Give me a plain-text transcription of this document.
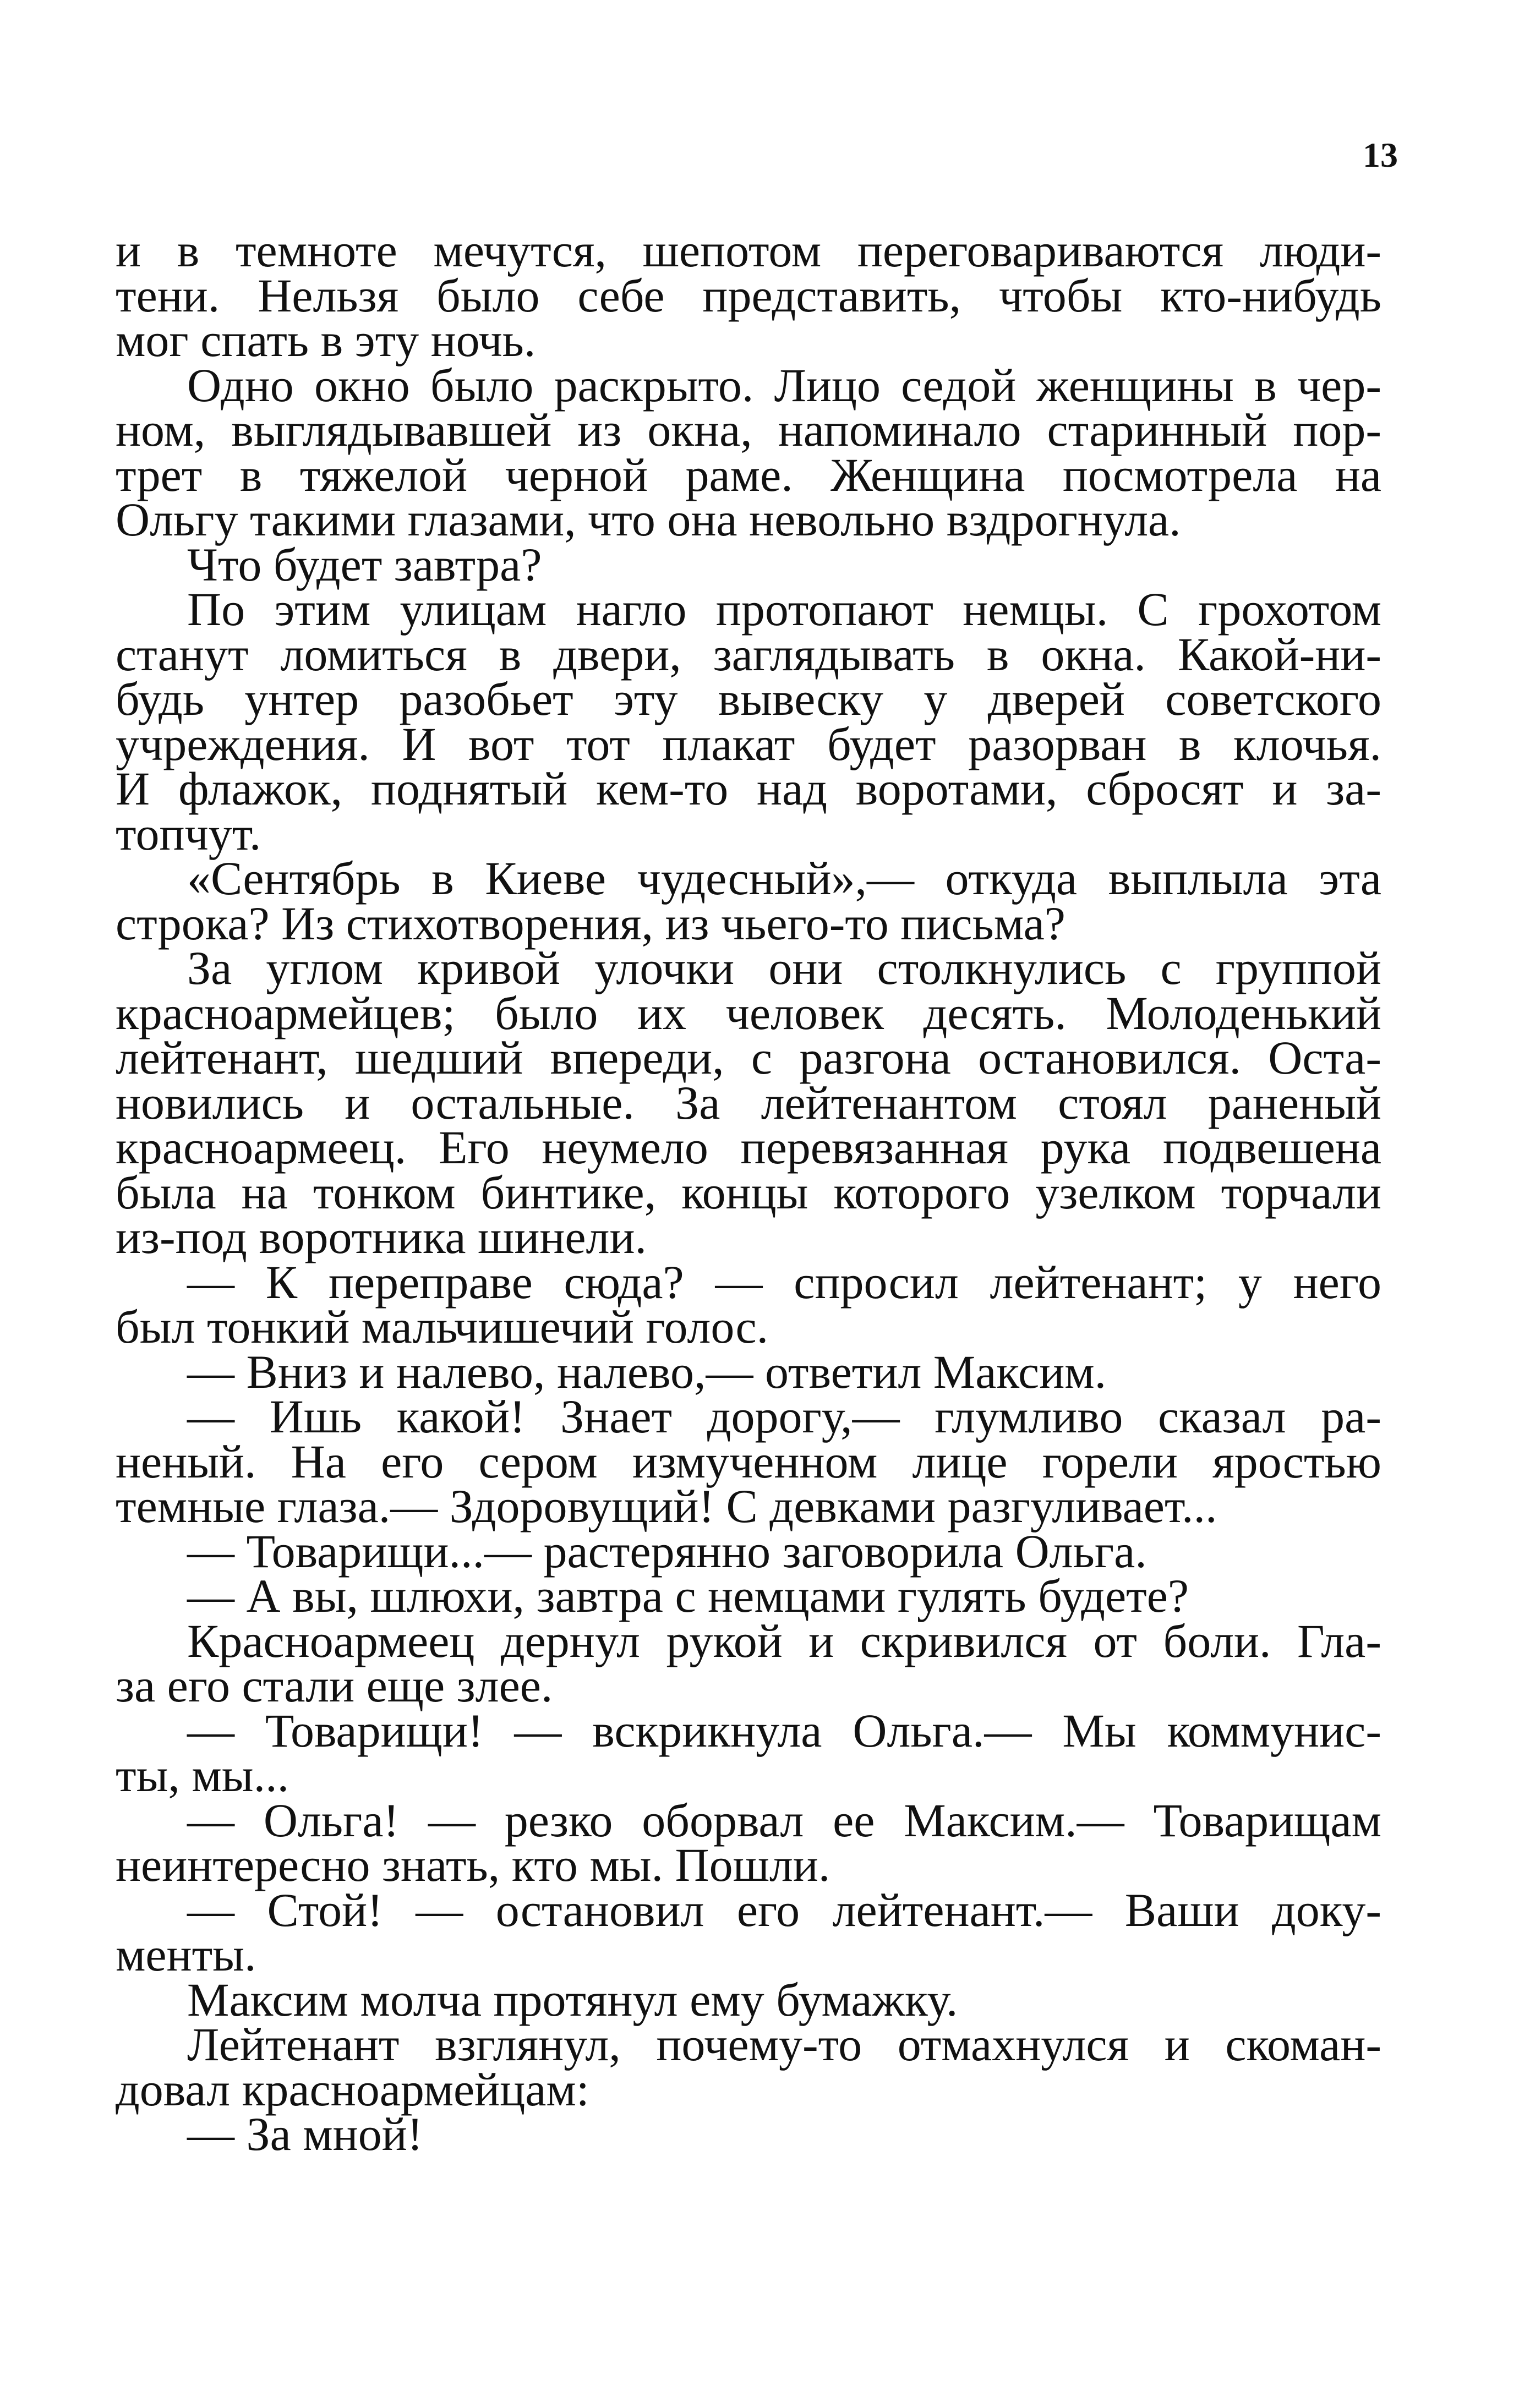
13
и в темноте мечутся, шепотом переговариваются люди-
тени. Нельзя было себе представить, чтобы кто-нибудь
мог спать в эту ночь.
Одно окно было раскрыто. Лицо седой женщины в чер-
ном, выглядывавшей из окна, напоминало старинный пор-
трет в тяжелой черной раме. Женщина посмотрела на
Ольгу такими глазами, что она невольно вздрогнула.
Что будет завтра?
По этим улицам нагло протопают немцы. С грохотом
станут ломиться в двери, заглядывать в окна. Какой-ни-
будь унтер разобьет эту вывеску у дверей советского
учреждения. И вот тот плакат будет разорван в клочья.
И флажок, поднятый кем-то над воротами, сбросят и за-
топчут.
«Сентябрь в Киеве чудесный»,— откуда выплыла эта
строка? Из стихотворения, из чьего-то письма?
За углом кривой улочки они столкнулись с группой
красноармейцев; было их человек десять. Молоденький
лейтенант, шедший впереди, с разгона остановился. Оста-
новились и остальные. За лейтенантом стоял раненый
красноармеец. Его неумело перевязанная рука подвешена
была на тонком бинтике, концы которого узелком торчали
из-под воротника шинели.
— К переправе сюда? — спросил лейтенант; у него
был тонкий мальчишечий голос.
— Вниз и налево, налево,— ответил Максим.
— Ишь какой! Знает дорогу,— глумливо сказал ра-
неный. На его сером измученном лице горели яростью
темные глаза.— Здоровущий! С девками разгуливает...
— Товарищи...— растерянно заговорила Ольга.
— А вы, шлюхи, завтра с немцами гулять будете?
Красноармеец дернул рукой и скривился от боли. Гла-
за его стали еще злее.
— Товарищи! — вскрикнула Ольга.— Мы коммунис-
ты, мы...
— Ольга! — резко оборвал ее Максим.— Товарищам
неинтересно знать, кто мы. Пошли.
— Стой! — остановил его лейтенант.— Ваши доку-
менты.
Максим молча протянул ему бумажку.
Лейтенант взглянул, почему-то отмахнулся и скоман-
довал красноармейцам:
— За мной!
